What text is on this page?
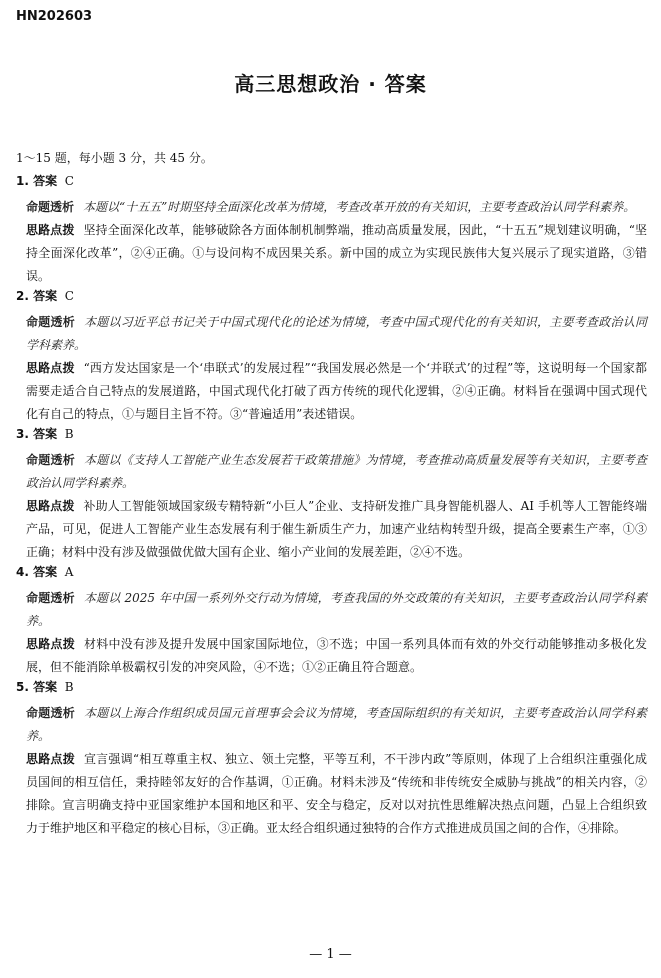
HN202603
高三思想政治 · 答案
1～15 题，每小题 3 分，共 45 分。
1. 答案 C
命题透析 本题以“十五五”时期坚持全面深化改革为情境，考查改革开放的有关知识，主要考查政治认同学科素养。
思路点拨 坚持全面深化改革，能够破除各方面体制机制弊端，推动高质量发展，因此，“十五五”规划建议明确，“坚持全面深化改革”，②④正确。①与设问构不成因果关系。新中国的成立为实现民族伟大复兴展示了现实道路，③错误。
2. 答案 C
命题透析 本题以习近平总书记关于中国式现代化的论述为情境，考查中国式现代化的有关知识，主要考查政治认同学科素养。
思路点拨 “西方发达国家是一个‘串联式’的发展过程”“我国发展必然是一个‘并联式’的过程”等，这说明每一个国家都需要走适合自己特点的发展道路，中国式现代化打破了西方传统的现代化逻辑，②④正确。材料旨在强调中国式现代化有自己的特点，①与题目主旨不符。③“普遍适用”表述错误。
3. 答案 B
命题透析 本题以《支持人工智能产业生态发展若干政策措施》为情境，考查推动高质量发展等有关知识，主要考查政治认同学科素养。
思路点拨 补助人工智能领域国家级专精特新“小巨人”企业、支持研发推广具身智能机器人、AI 手机等人工智能终端产品，可见，促进人工智能产业生态发展有利于催生新质生产力，加速产业结构转型升级，提高全要素生产率，①③正确；材料中没有涉及做强做优做大国有企业、缩小产业间的发展差距，②④不选。
4. 答案 A
命题透析 本题以 2025 年中国一系列外交行动为情境，考查我国的外交政策的有关知识，主要考查政治认同学科素养。
思路点拨 材料中没有涉及提升发展中国家国际地位，③不选；中国一系列具体而有效的外交行动能够推动多极化发展，但不能消除单极霸权引发的冲突风险，④不选；①②正确且符合题意。
5. 答案 B
命题透析 本题以上海合作组织成员国元首理事会会议为情境，考查国际组织的有关知识，主要考查政治认同学科素养。
思路点拨 宣言强调“相互尊重主权、独立、领土完整，平等互利，不干涉内政”等原则，体现了上合组织注重强化成员国间的相互信任，秉持睦邻友好的合作基调，①正确。材料未涉及“传统和非传统安全威胁与挑战”的相关内容，②排除。宣言明确支持中亚国家维护本国和地区和平、安全与稳定，反对以对抗性思维解决热点问题，凸显上合组织致力于维护地区和平稳定的核心目标，③正确。亚太经合组织通过独特的合作方式推进成员国之间的合作，④排除。
— 1 —
